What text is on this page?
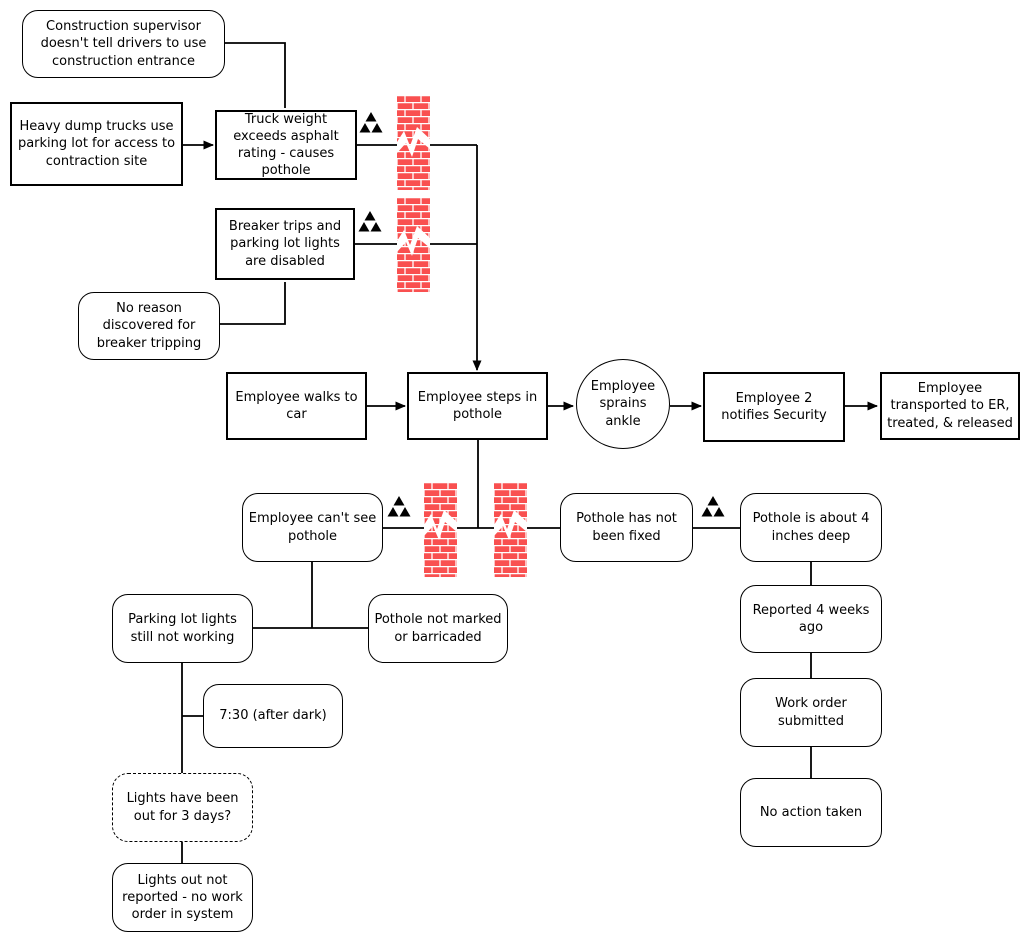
Construction supervisor doesn't tell drivers to use construction entrance
Heavy dump trucks use parking lot for access to contraction site
Truck weight exceeds asphalt rating - causes pothole
Breaker trips and parking lot lights are disabled
No reason discovered for breaker tripping
Employee walks to car
Employee steps in pothole
Employee sprains ankle
Employee 2 notifies Security
Employee transported to ER, treated, & released
Employee can't see pothole
Pothole has not been fixed
Pothole is about 4 inches deep
Parking lot lights still not working
Pothole not marked or barricaded
7:30 (after dark)
Lights have been out for 3 days?
Lights out not reported - no work order in system
Reported 4 weeks ago
Work order submitted
No action taken
